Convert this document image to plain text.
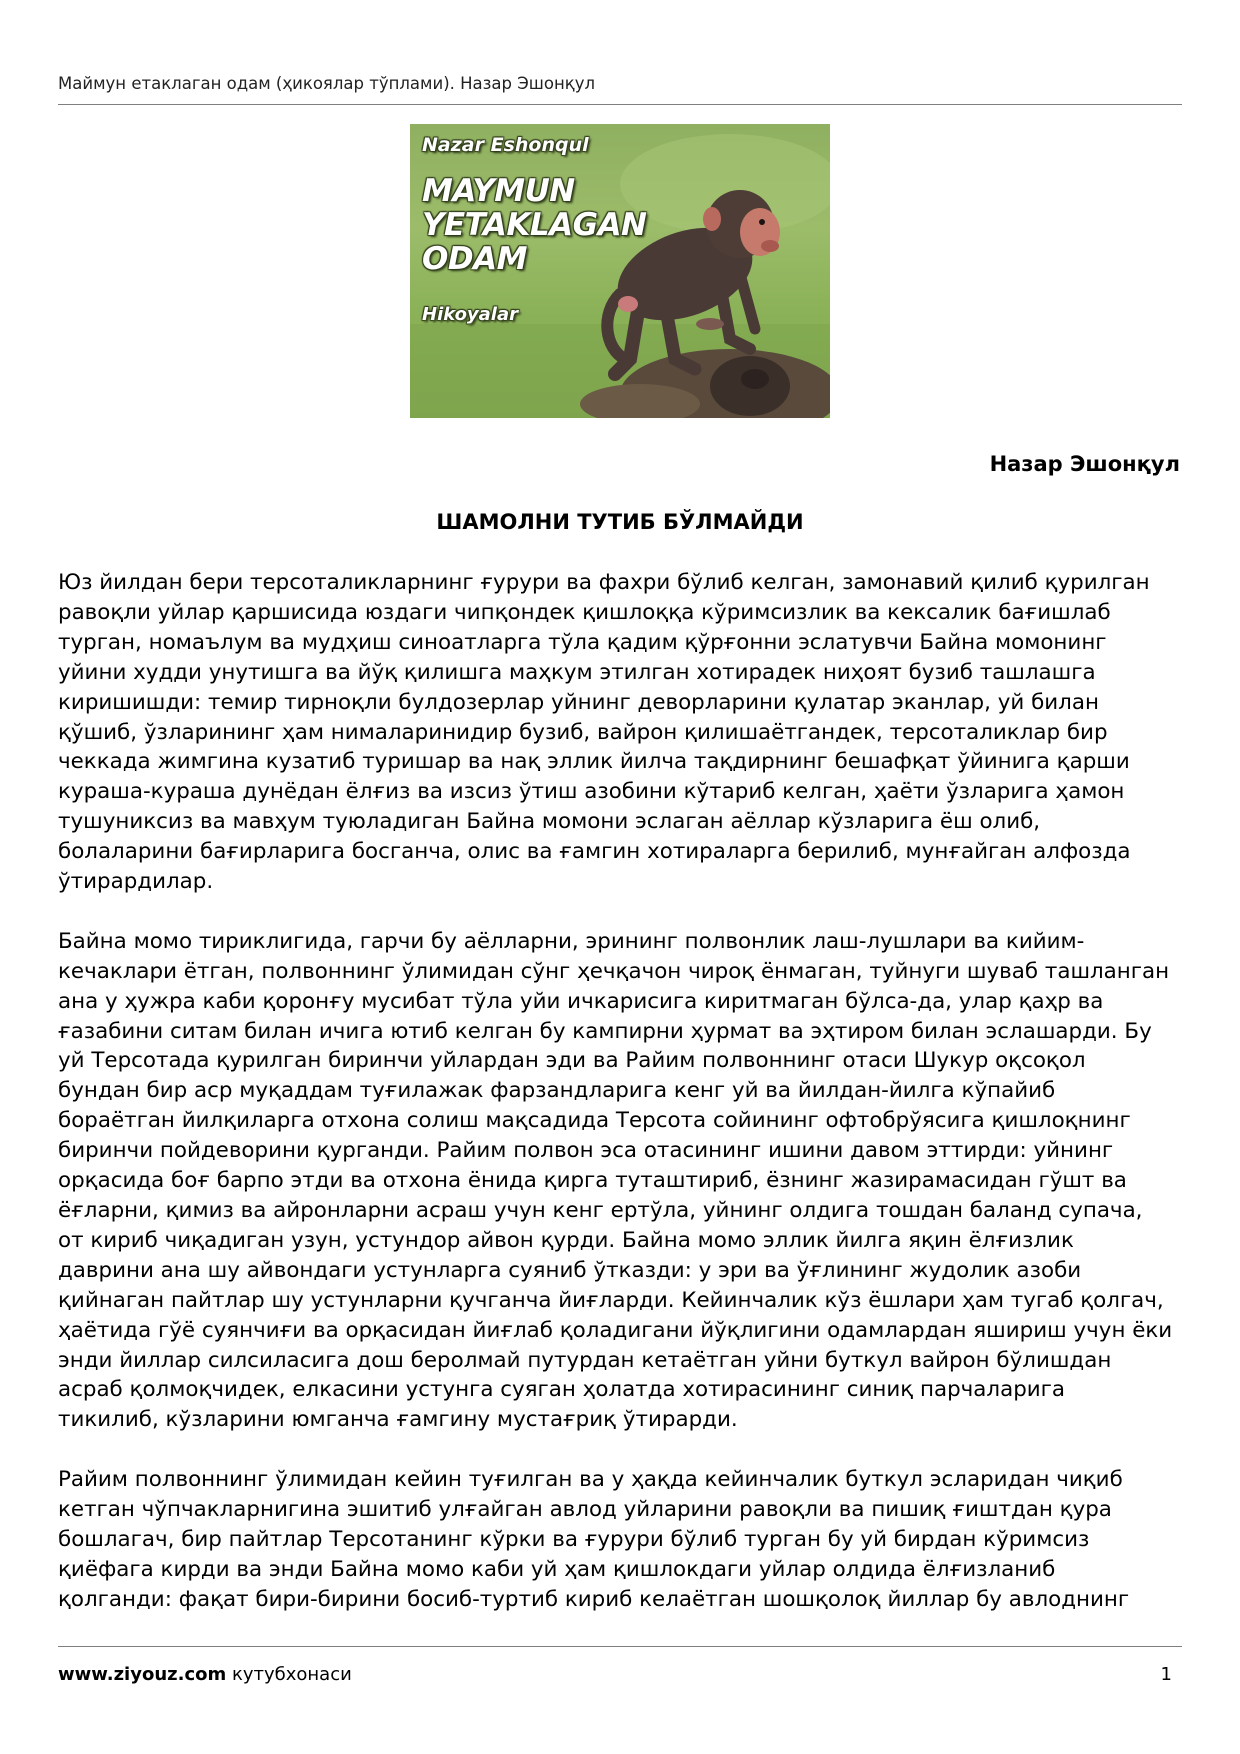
Маймун етаклаган одам (ҳикоялар тўплами). Назар Эшонқул
Nazar Eshonqul
MAYMUN
YETAKLAGAN
ODAM
Hikoyalar
Назар Эшонқул
ШАМОЛНИ ТУТИБ БЎЛМАЙДИ
Юз йилдан бери терсоталикларнинг ғурури ва фахри бўлиб келган, замонавий қилиб қурилган
равоқли уйлар қаршисида юздаги чипқондек қишлоққа кўримсизлик ва кексалик бағишлаб
турган, номаълум ва мудҳиш синоатларга тўла қадим қўрғонни эслатувчи Байна момонинг
уйини худди унутишга ва йўқ қилишга маҳкум этилган хотирадек ниҳоят бузиб ташлашга
киришишди: темир тирноқли булдозерлар уйнинг деворларини қулатар эканлар, уй билан
қўшиб, ўзларининг ҳам нималаринидир бузиб, вайрон қилишаётгандек, терсоталиклар бир
чеккада жимгина кузатиб туришар ва нақ эллик йилча тақдирнинг бешафқат ўйинига қарши
кураша-кураша дунёдан ёлғиз ва изсиз ўтиш азобини кўтариб келган, ҳаёти ўзларига ҳамон
тушуниксиз ва мавҳум туюладиган Байна момони эслаган аёллар кўзларига ёш олиб,
болаларини бағирларига босганча, олис ва ғамгин хотираларга берилиб, мунғайган алфозда
ўтирардилар.
Байна момо тириклигида, гарчи бу аёлларни, эрининг полвонлик лаш-лушлари ва кийим-
кечаклари ётган, полвоннинг ўлимидан сўнг ҳечқачон чироқ ёнмаган, туйнуги шуваб ташланган
ана у ҳужра каби қоронғу мусибат тўла уйи ичкарисига киритмаган бўлса-да, улар қаҳр ва
ғазабини ситам билан ичига ютиб келган бу кампирни ҳурмат ва эҳтиром билан эслашарди. Бу
уй Терсотада қурилган биринчи уйлардан эди ва Райим полвоннинг отаси Шукур оқсоқол
бундан бир аср муқаддам туғилажак фарзандларига кенг уй ва йилдан-йилга кўпайиб
бораётган йилқиларга отхона солиш мақсадида Терсота сойининг офтобрўясига қишлоқнинг
биринчи пойдеворини қурганди. Райим полвон эса отасининг ишини давом эттирди: уйнинг
орқасида боғ барпо этди ва отхона ёнида қирга туташтириб, ёзнинг жазирамасидан гўшт ва
ёғларни, қимиз ва айронларни асраш учун кенг ертўла, уйнинг олдига тошдан баланд супача,
от кириб чиқадиган узун, устундор айвон қурди. Байна момо эллик йилга яқин ёлғизлик
даврини ана шу айвондаги устунларга суяниб ўтказди: у эри ва ўғлининг жудолик азоби
қийнаган пайтлар шу устунларни қучганча йиғларди. Кейинчалик кўз ёшлари ҳам тугаб қолгач,
ҳаётида гўё суянчиғи ва орқасидан йиғлаб қоладигани йўқлигини одамлардан яшириш учун ёки
энди йиллар силсиласига дош беролмай путурдан кетаётган уйни буткул вайрон бўлишдан
асраб қолмоқчидек, елкасини устунга суяган ҳолатда хотирасининг синиқ парчаларига
тикилиб, кўзларини юмганча ғамгину мустағриқ ўтирарди.
Райим полвоннинг ўлимидан кейин туғилган ва у ҳақда кейинчалик буткул эсларидан чиқиб
кетган чўпчакларнигина эшитиб улғайган авлод уйларини равоқли ва пишиқ ғиштдан қура
бошлагач, бир пайтлар Терсотанинг кўрки ва ғурури бўлиб турган бу уй бирдан кўримсиз
қиёфага кирди ва энди Байна момо каби уй ҳам қишлокдаги уйлар олдида ёлғизланиб
қолганди: фақат бири-бирини босиб-туртиб кириб келаётган шошқолоқ йиллар бу авлоднинг
www.ziyouz.com кутубхонаси	1
